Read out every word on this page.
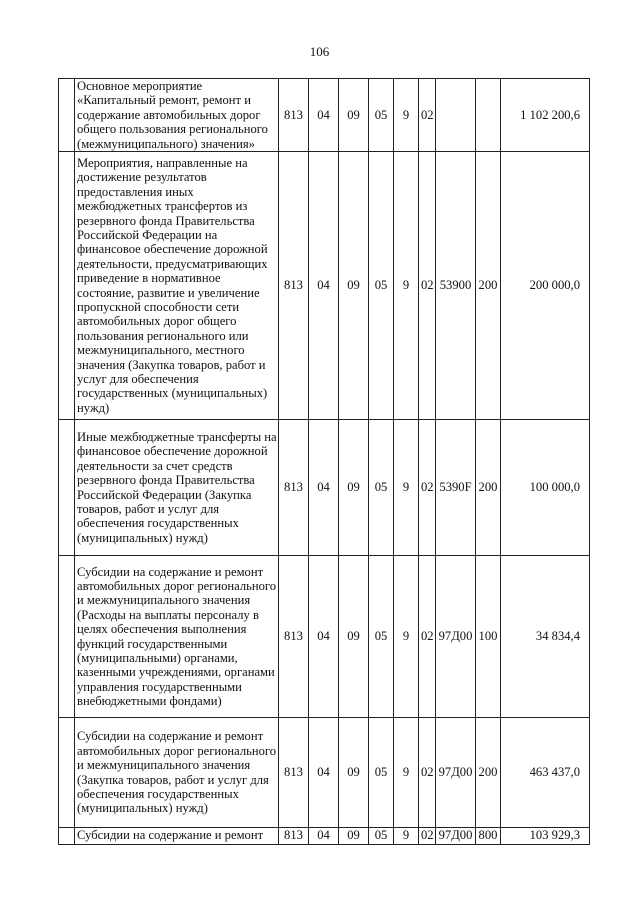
106
	Основное мероприятие «Капитальный ремонт, ремонт и содержание автомобильных дорог общего пользования регионального (межмуниципального) значения»	813	04	09	05	9	02			1 102 200,6
	Мероприятия, направленные на достижение результатов предоставления иных межбюджетных трансфертов из резервного фонда Правительства Российской Федерации на финансовое обеспечение дорожной деятельности, предусматривающих приведение в нормативное состояние, развитие и увеличение пропускной способности сети автомобильных дорог общего пользования регионального или межмуниципального, местного значения (Закупка товаров, работ и услуг для обеспечения государственных (муниципальных) нужд)	813	04	09	05	9	02	53900	200	200 000,0
	Иные межбюджетные трансферты на финансовое обеспечение дорожной деятельности за счет средств резервного фонда Правительства Российской Федерации (Закупка товаров, работ и услуг для обеспечения государственных (муниципальных) нужд)	813	04	09	05	9	02	5390F	200	100 000,0
	Субсидии на содержание и ремонт автомобильных дорог регионального и межмуниципального значения (Расходы на выплаты персоналу в целях обеспечения выполнения функций государственными (муниципальными) органами, казенными учреждениями, органами управления государственными внебюджетными фондами)	813	04	09	05	9	02	97Д00	100	34 834,4
	Субсидии на содержание и ремонт автомобильных дорог регионального и межмуниципального значения (Закупка товаров, работ и услуг для обеспечения государственных (муниципальных) нужд)	813	04	09	05	9	02	97Д00	200	463 437,0
	Субсидии на содержание и ремонт	813	04	09	05	9	02	97Д00	800	103 929,3
